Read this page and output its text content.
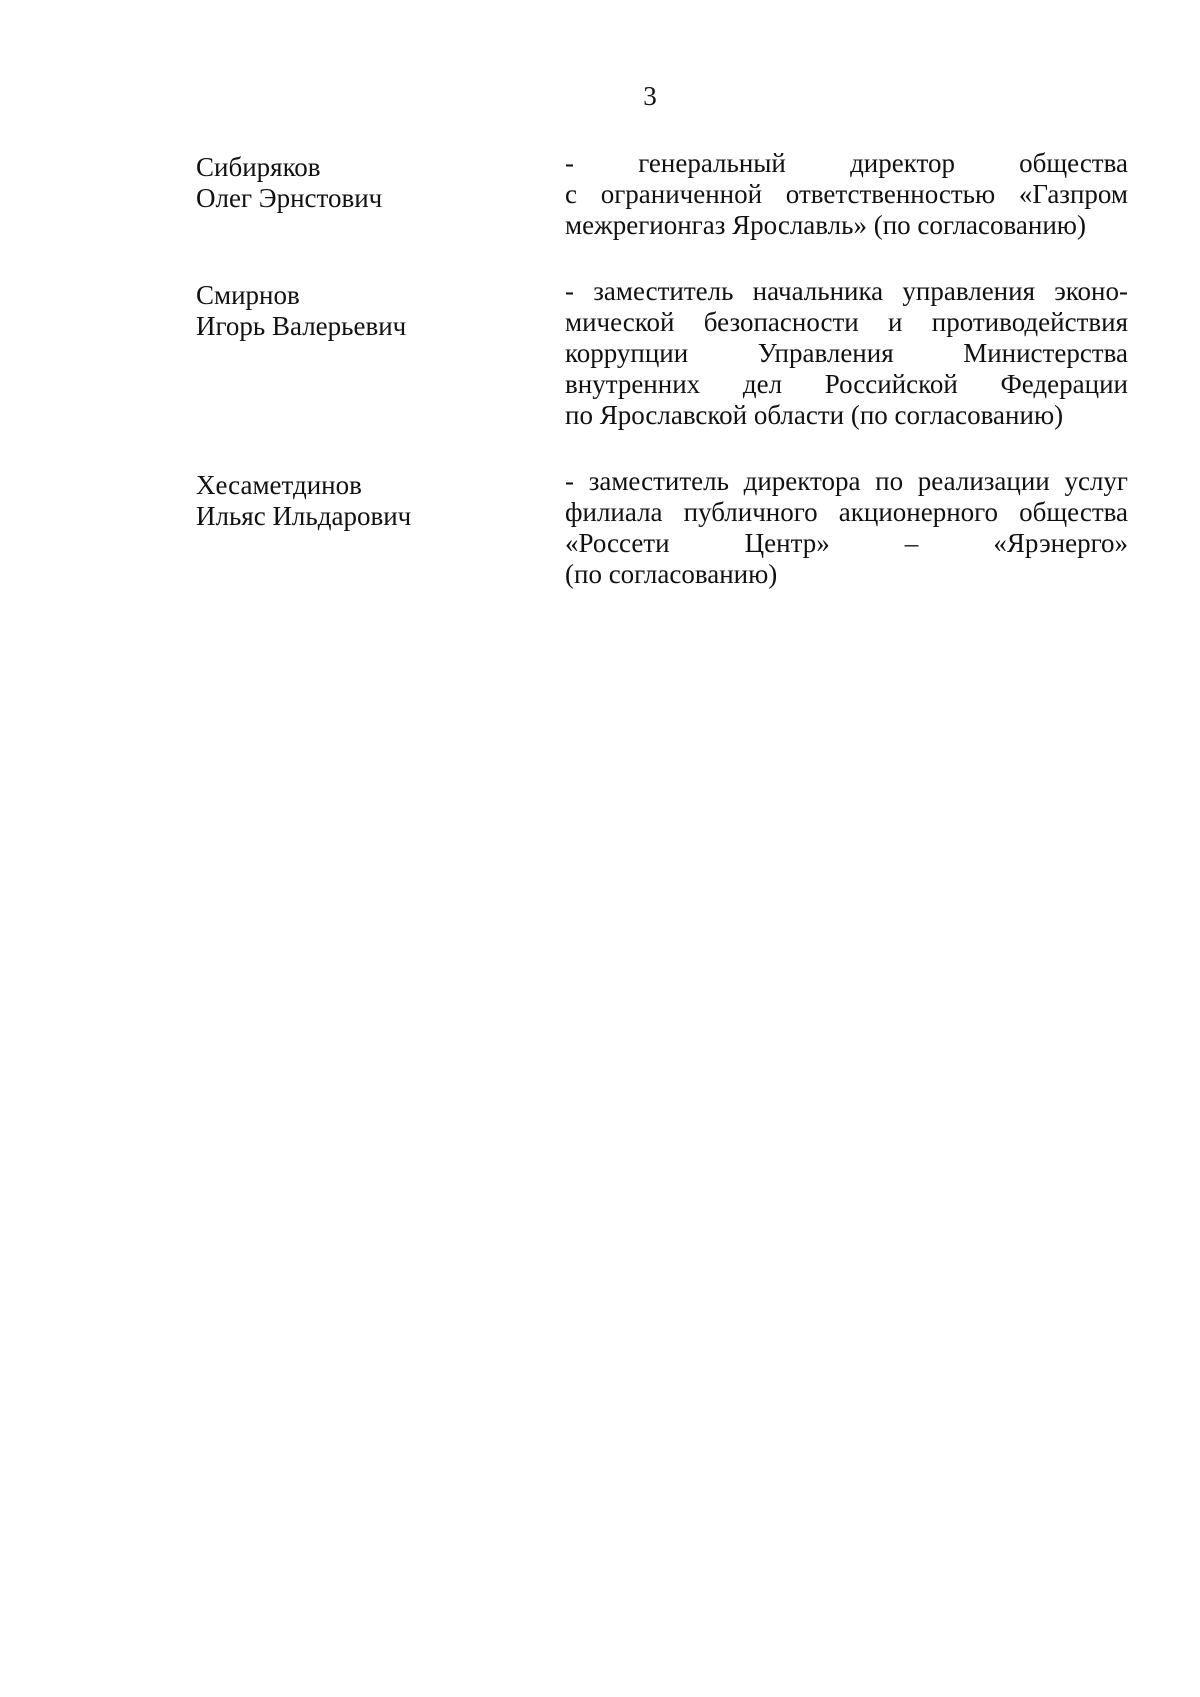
3
Сибиряков
Олег Эрнстович
- генеральный директор общества
с ограниченной ответственностью «Газпром
межрегионгаз Ярославль» (по согласованию)
Смирнов
Игорь Валерьевич
- заместитель начальника управления эконо-
мической безопасности и противодействия
коррупции Управления Министерства
внутренних дел Российской Федерации
по Ярославской области (по согласованию)
Хесаметдинов
Ильяс Ильдарович
- заместитель директора по реализации услуг
филиала публичного акционерного общества
«Россети Центр» – «Ярэнерго»
(по согласованию)
